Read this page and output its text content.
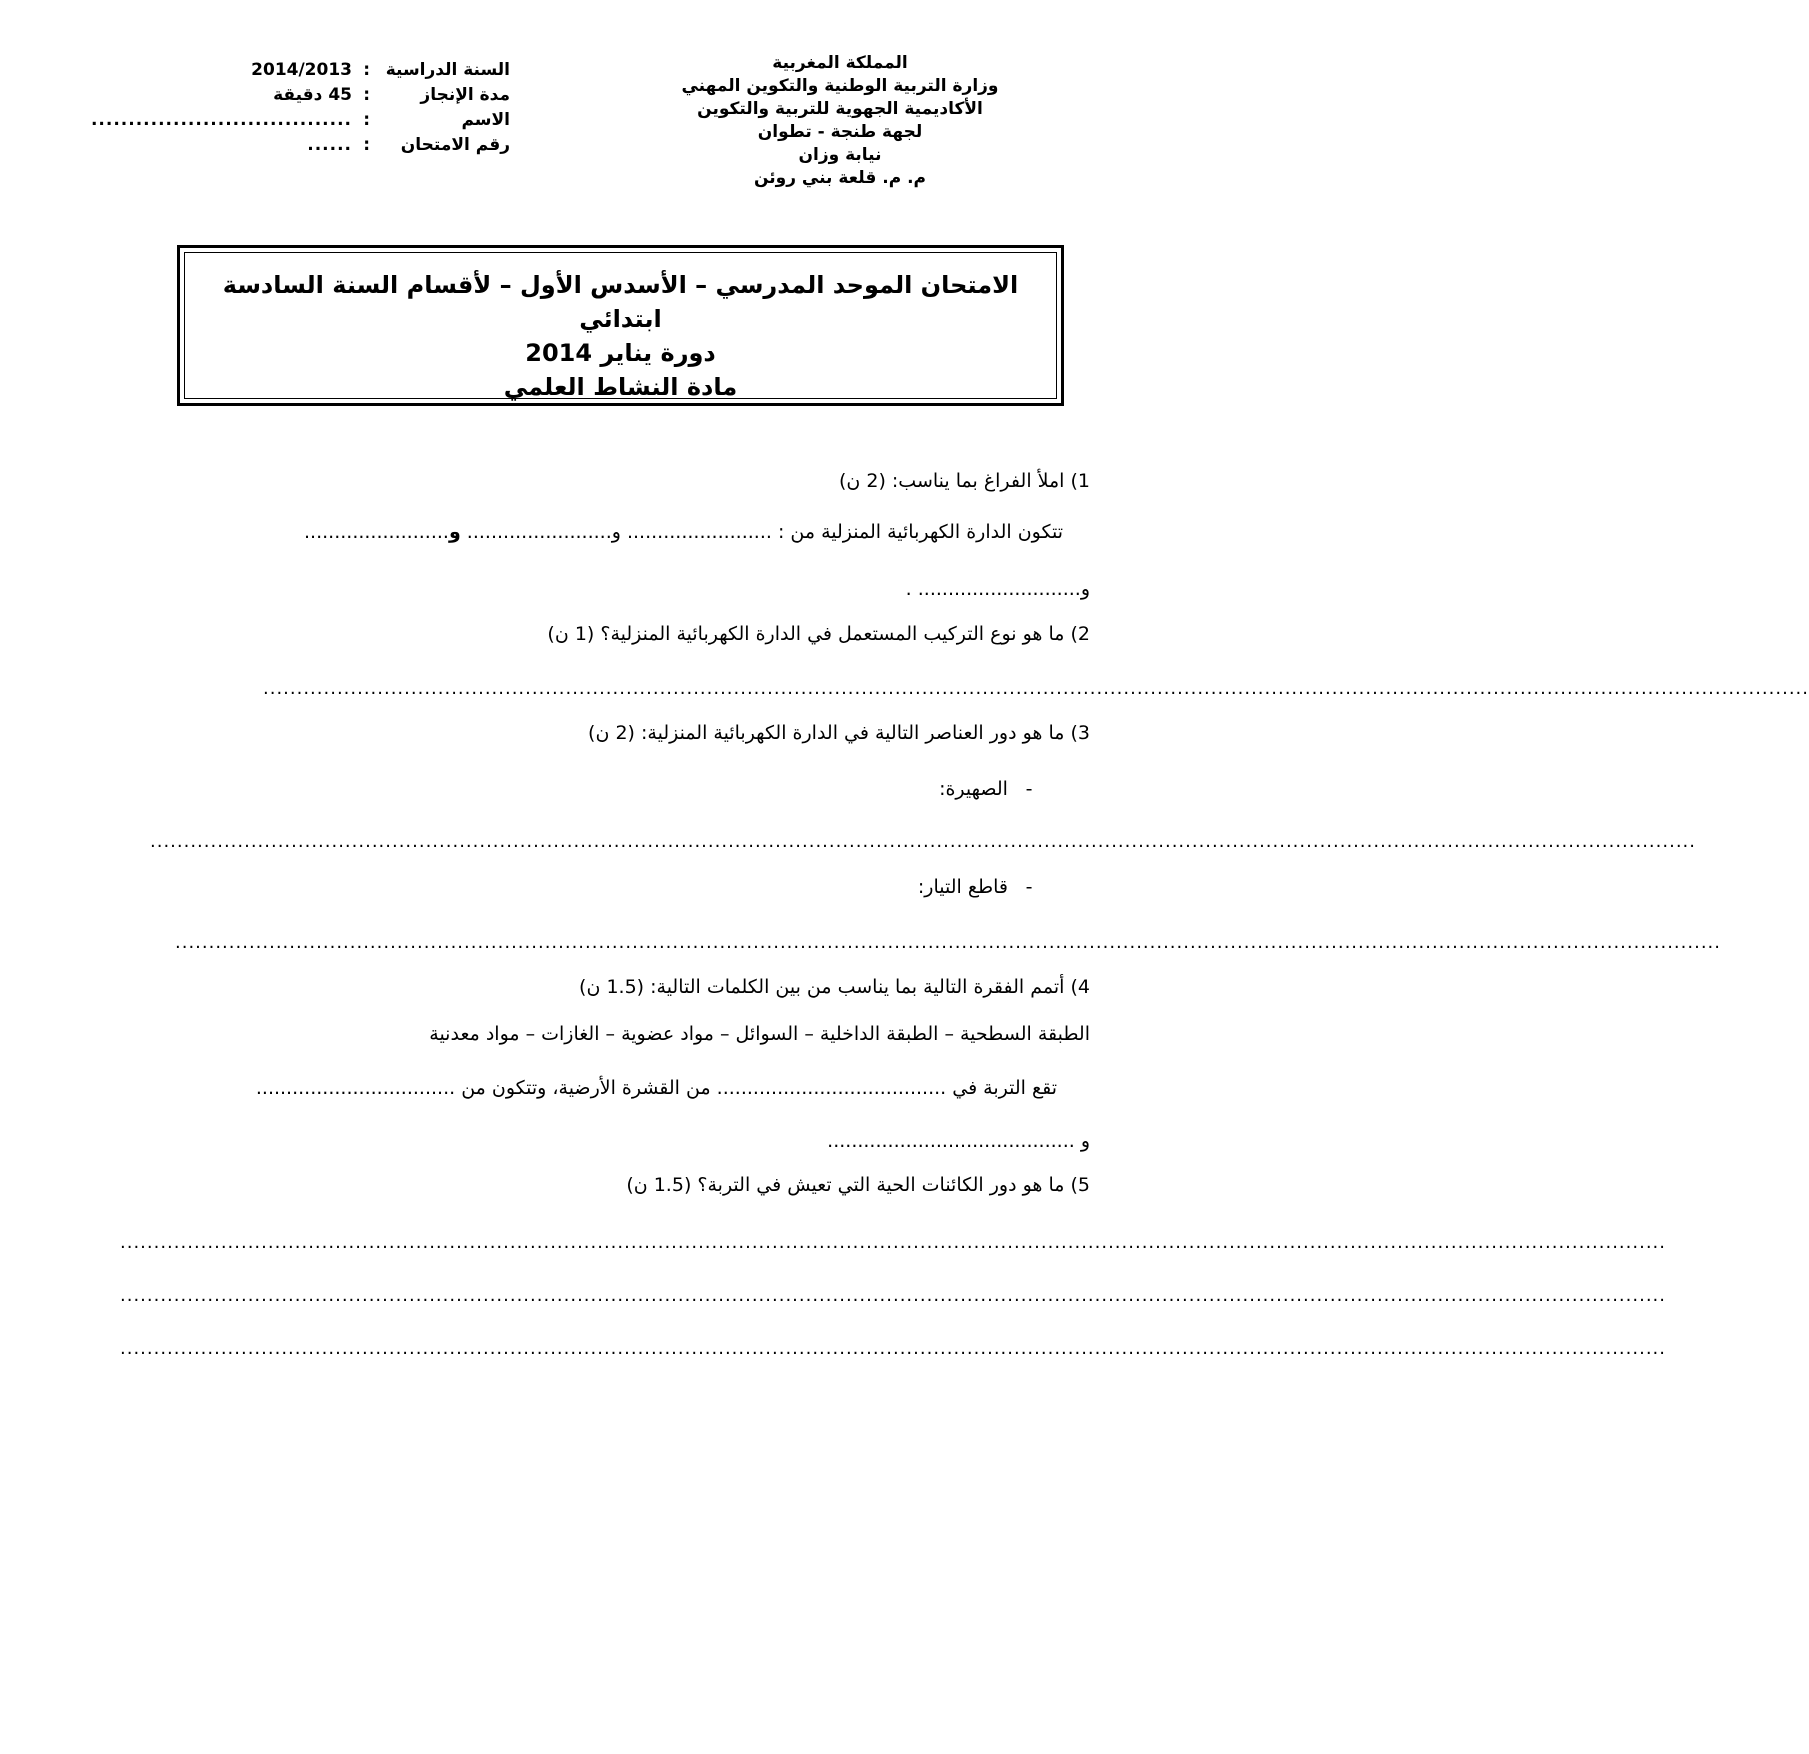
المملكة المغربية
وزارة التربية الوطنية والتكوين المهني
الأكاديمية الجهوية للتربية والتكوين
لجهة طنجة - تطوان
نيابة وزان
م. م. قلعة بني روئن
السنة الدراسية
:
2014/2013
مدة الإنجاز
:
45 دقيقة
الاسم
:
...................................
رقم الامتحان
:
......
الامتحان الموحد المدرسي – الأسدس الأول – لأقسام السنة السادسة ابتدائي
دورة يناير 2014
مادة النشاط العلمي
1) املأ الفراغ بما يناسب: (2 ن)
تتكون الدارة الكهربائية المنزلية من : ........................ و........................ و........................
و........................... .
2) ما هو نوع التركيب المستعمل في الدارة الكهربائية المنزلية؟ (1 ن)
......................................................................................................................................................................................................................................
3) ما هو دور العناصر التالية في الدارة الكهربائية المنزلية: (2 ن)
- الصهيرة:
......................................................................................................................................................................................................................................
- قاطع التيار:
......................................................................................................................................................................................................................................
4) أتمم الفقرة التالية بما يناسب من بين الكلمات التالية: (1.5 ن)
الطبقة السطحية – الطبقة الداخلية – السوائل – مواد عضوية – الغازات – مواد معدنية
تقع التربة في ...................................... من القشرة الأرضية، وتتكون من .................................
و .........................................
5) ما هو دور الكائنات الحية التي تعيش في التربة؟ (1.5 ن)
......................................................................................................................................................................................................................................
......................................................................................................................................................................................................................................
......................................................................................................................................................................................................................................
